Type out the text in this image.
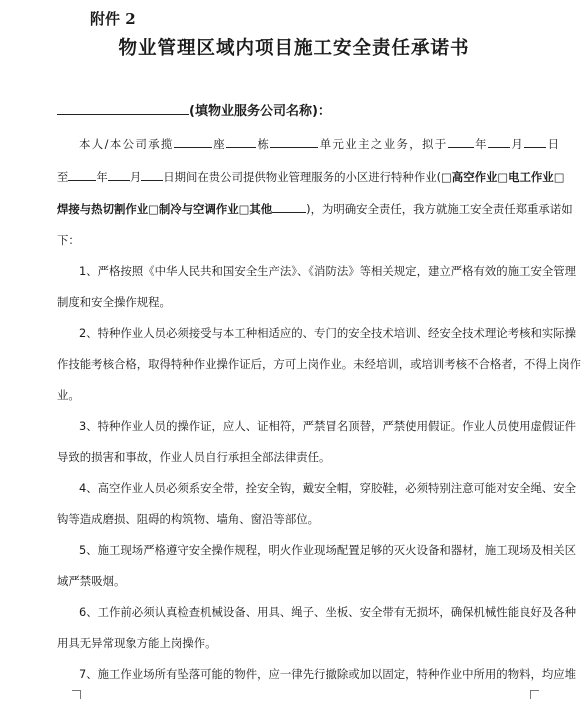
附件 2
物业管理区域内项目施工安全责任承诺书
(填物业服务公司名称)：
本人/本公司承揽	座	栋	单元业主之业务，拟于 年 月 日
至 年 月 日期间在贵公司提供物业管理服务的小区进行特种作业(□高空作业□电工作业□
焊接与热切割作业□制冷与空调作业□其他	)，为明确安全责任，我方就施工安全责任郑重承诺如
下：
1、严格按照《中华人民共和国安全生产法》、《消防法》等相关规定，建立严格有效的施工安全管理
制度和安全操作规程。
2、特种作业人员必须接受与本工种相适应的、专门的安全技术培训、经安全技术理论考核和实际操
作技能考核合格，取得特种作业操作证后，方可上岗作业。未经培训，或培训考核不合格者，不得上岗作
业。
3、特种作业人员的操作证，应人、证相符，严禁冒名顶替，严禁使用假证。作业人员使用虚假证件
导致的损害和事故，作业人员自行承担全部法律责任。
4、高空作业人员必须系安全带，拴安全钩，戴安全帽，穿胶鞋，必须特别注意可能对安全绳、安全
钩等造成磨损、阻碍的构筑物、墙角、窗沿等部位。
5、施工现场严格遵守安全操作规程，明火作业现场配置足够的灭火设备和器材，施工现场及相关区
域严禁吸烟。
6、工作前必须认真检查机械设备、用具、绳子、坐板、安全带有无损坏，确保机械性能良好及各种
用具无异常现象方能上岗操作。
7、施工作业场所有坠落可能的物件，应一律先行撤除或加以固定，特种作业中所用的物料，均应堆
